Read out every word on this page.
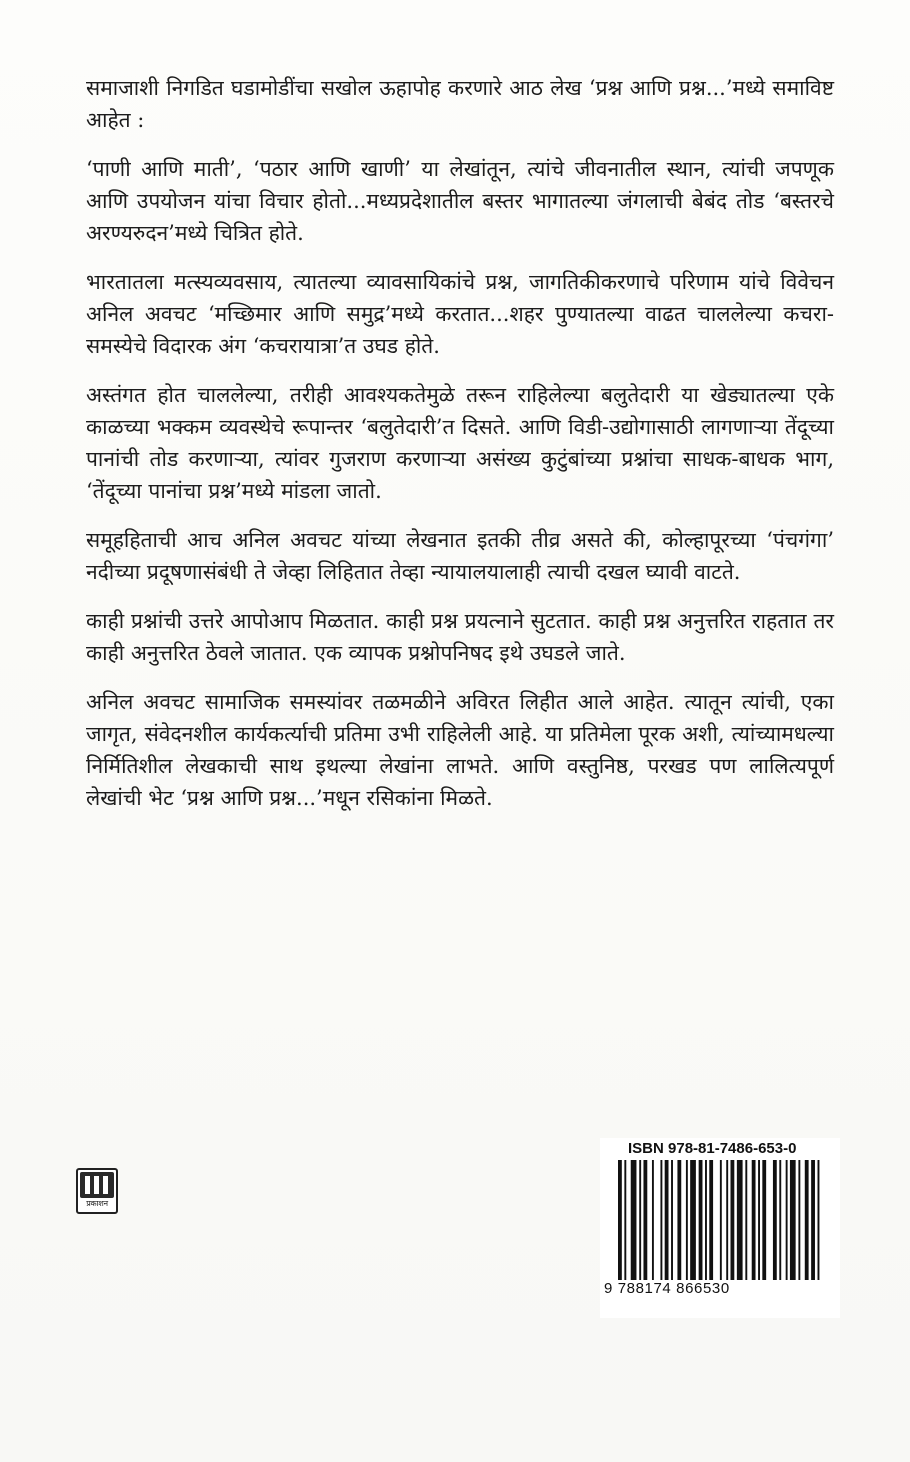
समाजाशी निगडित घडामोडींचा सखोल ऊहापोह करणारे आठ लेख ‘प्रश्न आणि प्रश्न...’मध्ये समाविष्ट आहेत :

‘पाणी आणि माती’, ‘पठार आणि खाणी’ या लेखांतून, त्यांचे जीवनातील स्थान, त्यांची जपणूक आणि उपयोजन यांचा विचार होतो...मध्यप्रदेशातील बस्तर भागातल्या जंगलाची बेबंद तोड ‘बस्तरचे अरण्यरुदन’मध्ये चित्रित होते.

भारतातला मत्स्यव्यवसाय, त्यातल्या व्यावसायिकांचे प्रश्न, जागतिकीकरणाचे परिणाम यांचे विवेचन अनिल अवचट ‘मच्छिमार आणि समुद्र’मध्ये करतात...शहर पुण्यातल्या वाढत चाललेल्या कचरा-समस्येचे विदारक अंग ‘कचरायात्रा’त उघड होते.

अस्तंगत होत चाललेल्या, तरीही आवश्यकतेमुळे तरून राहिलेल्या बलुतेदारी या खेड्यातल्या एके काळच्या भक्कम व्यवस्थेचे रूपान्तर ‘बलुतेदारी’त दिसते. आणि विडी-उद्योगासाठी लागणाऱ्या तेंदूच्या पानांची तोड करणाऱ्या, त्यांवर गुजराण करणाऱ्या असंख्य कुटुंबांच्या प्रश्नांचा साधक-बाधक भाग, ‘तेंदूच्या पानांचा प्रश्न’मध्ये मांडला जातो.

समूहहिताची आच अनिल अवचट यांच्या लेखनात इतकी तीव्र असते की, कोल्हापूरच्या ‘पंचगंगा’ नदीच्या प्रदूषणासंबंधी ते जेव्हा लिहितात तेव्हा न्यायालयालाही त्याची दखल घ्यावी वाटते.

काही प्रश्नांची उत्तरे आपोआप मिळतात. काही प्रश्न प्रयत्नाने सुटतात. काही प्रश्न अनुत्तरित राहतात तर काही अनुत्तरित ठेवले जातात. एक व्यापक प्रश्नोपनिषद इथे उघडले जाते.

अनिल अवचट सामाजिक समस्यांवर तळमळीने अविरत लिहीत आले आहेत. त्यातून त्यांची, एका जागृत, संवेदनशील कार्यकर्त्याची प्रतिमा उभी राहिलेली आहे. या प्रतिमेला पूरक अशी, त्यांच्यामधल्या निर्मितिशील लेखकाची साथ इथल्या लेखांना लाभते. आणि वस्तुनिष्ठ, परखड पण लालित्यपूर्ण लेखांची भेट ‘प्रश्न आणि प्रश्न...’मधून रसिकांना मिळते.

प्रकाशन
ISBN 978-81-7486-653-0
9 788174 866530
